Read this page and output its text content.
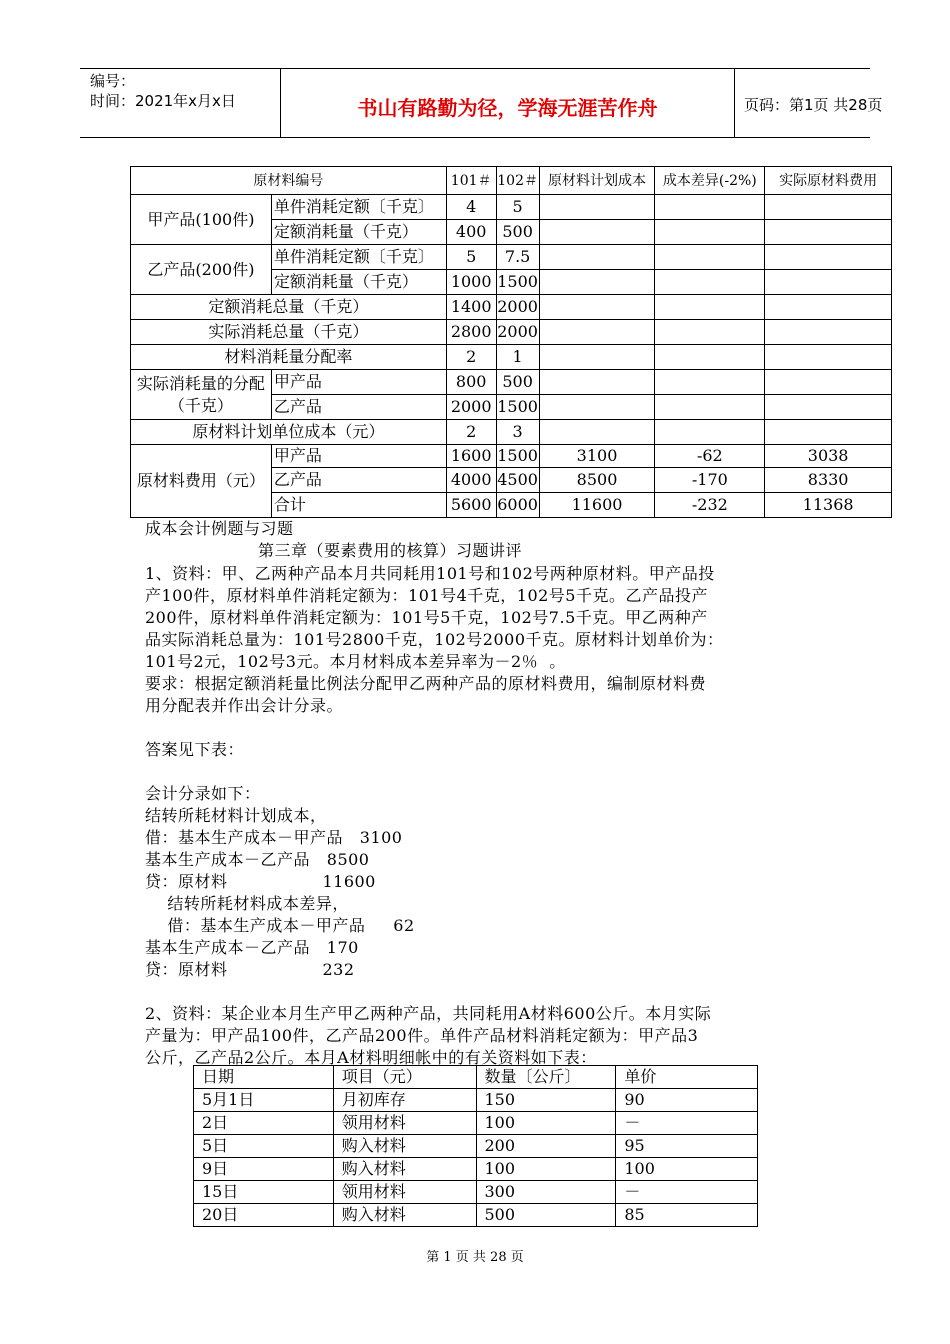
编号：
时间：2021年x月x日	书山有路勤为径，学海无涯苦作舟	页码：第1页 共28页
原材料编号		101＃	102＃	原材料计划成本	成本差异(-2%)	实际原材料费用
甲产品(100件)	单件消耗定额〔千克〕	4	5			
	定额消耗量（千克）	400	500			
乙产品(200件)	单件消耗定额〔千克〕	5	7.5			
	定额消耗量（千克）	1000	1500			
定额消耗总量（千克）		1400	2000			
实际消耗总量（千克）		2800	2000			
材料消耗量分配率		2	1			

实际消耗量的分配
（千克）	甲产品	800	500			
	乙产品	2000	1500			
原材料计划单位成本（元）		2	3			
原材料费用（元）	甲产品	1600	1500	3100	-62	3038
	乙产品	4000	4500	8500	-170	8330
	合计	5600	6000	11600	-232	11368
成本会计例题与习题
第三章（要素费用的核算）习题讲评
1、资料：甲、乙两种产品本月共同耗用101号和102号两种原材料。甲产品投
产100件，原材料单件消耗定额为：101号4千克，102号5千克。乙产品投产
200件，原材料单件消耗定额为：101号5千克，102号7.5千克。甲乙两种产
品实际消耗总量为：101号2800千克，102号2000千克。原材料计划单价为：
101号2元，102号3元。本月材料成本差异率为－2％  。
要求：根据定额消耗量比例法分配甲乙两种产品的原材料费用，编制原材料费
用分配表并作出会计分录。
答案见下表：
会计分录如下：
结转所耗材料计划成本，
借：基本生产成本－甲产品   3100
基本生产成本－乙产品   8500
贷：原材料                 11600
结转所耗材料成本差异，
借：基本生产成本－甲产品     62
基本生产成本－乙产品   170
贷：原材料                 232
2、资料：某企业本月生产甲乙两种产品，共同耗用A材料600公斤。本月实际
产量为：甲产品100件，乙产品200件。单件产品材料消耗定额为：甲产品3
公斤，乙产品2公斤。本月A材料明细帐中的有关资料如下表：
日期	项目（元）	数量〔公斤〕	单价
5月1日	月初库存	150	90
2日	领用材料	100	－
5日	购入材料	200	95
9日	购入材料	100	100
15日	领用材料	300	－
20日	购入材料	500	85
第 1 页 共 28 页
